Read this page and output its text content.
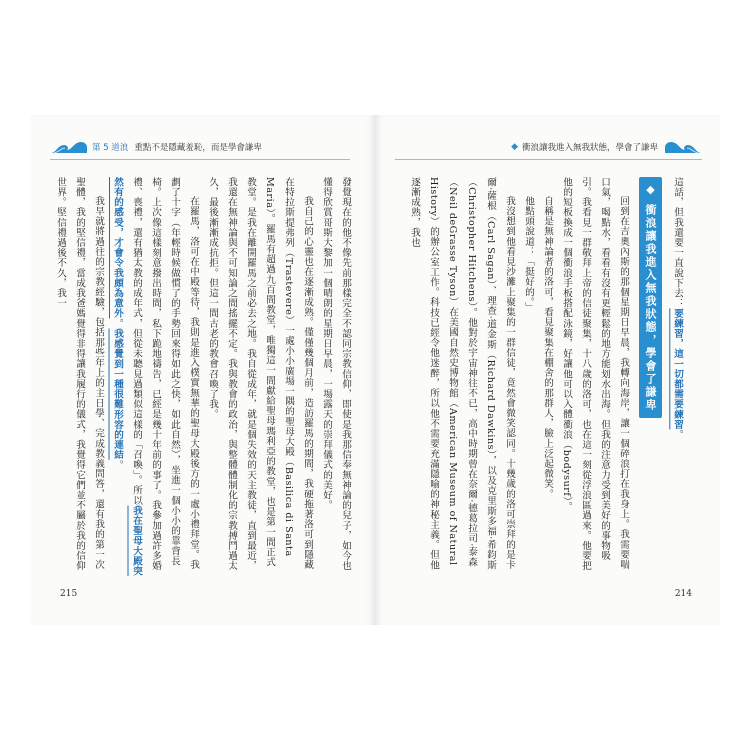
第 5 道浪 重點不是隱藏羞恥，而是學會謙卑

發覺現在的他不像先前那樣完全不認同宗教信仰，即使是我那信奉無神論的兒子，如今也懂得欣賞哥斯大黎加一個晴朗的星期日早晨，一場露天的崇拜儀式的美好。

我自己的心靈也在逐漸成熟。僅僅幾個月前，造訪羅馬的期間，我硬拖著洛可到隱藏在特拉斯提弗列（Trastevere）一處小小廣場一隅的聖母大殿（Basilica di Santa Maria）。羅馬有超過九百間教堂，唯獨這一間獻給聖母瑪利亞的教堂，也是第一間正式教堂。是我在離開羅馬之前必去之地。我自從成年，就是個失效的天主教徒，直到最近，我還在無神論與不可知論之間搖擺不定。我與教會的政治，與整體體制化的宗教搏鬥過太久，最後漸漸成抗拒。但這一間古老的教會召喚了我。

在羅馬，洛可在中殿等待，我則是進入樸實無華的聖母大殿後方的一處小禮拜堂。我劃了十字（年輕時候做慣了的手勢回來得如此之快，如此自然），坐進一個小小的靠背長椅。上次像這樣刻意撥出時間，私下跪地禱告，已經是幾十年前的事了。我參加過許多婚禮、喪禮，還有猶太教的成年式，但從未聽見過類似這樣的「召喚」。所以我在聖母大殿突然有的感受，才會令我頗為意外。我感覺到一種很難形容的連結。

我早就將過往的宗教經驗，包括那些年上的主日學、完成教義問答，還有我的第一次聖體，我的堅信禮，當成我爸媽覺得非得讓我履行的儀式，我覺得它們並不屬於我的信仰世界。堅信禮過後不久，我一

215
◆ 衝浪讓我進入無我狀態，學會了謙卑

這話，但我還要一直說下去：要練習，這一切都需要練習。

◆ 衝浪讓我進入無我狀態，學會了謙卑

回到在吉奧內斯的那個星期日早晨，我轉向海岸，讓一個碎浪打在我身上。我需要喘口氣，喝點水，看看有沒有更輕鬆的地方能划水出海。但我的注意力受到美好的事物吸引。我看見一群敬拜上帝的信徒聚集，十八歲的洛可，也在這一刻從浮浪區過來。他要把他的短板換成一個衝浪手板搭配泳鏡，好讓他可以入體衝浪（bodysurf）。

自稱是無神論者的洛可，看見聚集在棚舍的那群人，臉上泛起微笑。

他點頭說道：「挺好的。」

我沒想到他看見沙灘上聚集的一群信徒，竟然會微笑認同。十幾歲的洛可崇拜的是卡爾·薩根（Carl Sagan）、理查·道金斯（Richard Dawkins），以及克里斯多福·希鈞斯（Christopher Hitchens）。他對於宇宙神往不已，高中時期曾在奈爾·德葛拉司·泰森（Neil deGrasse Tyson）在美國自然史博物館（American Museum of Natural History）的辦公室工作。科技已經令他迷醉，所以他不需要充滿隱喻的神秘主義。但他逐漸成熟，我也

214
